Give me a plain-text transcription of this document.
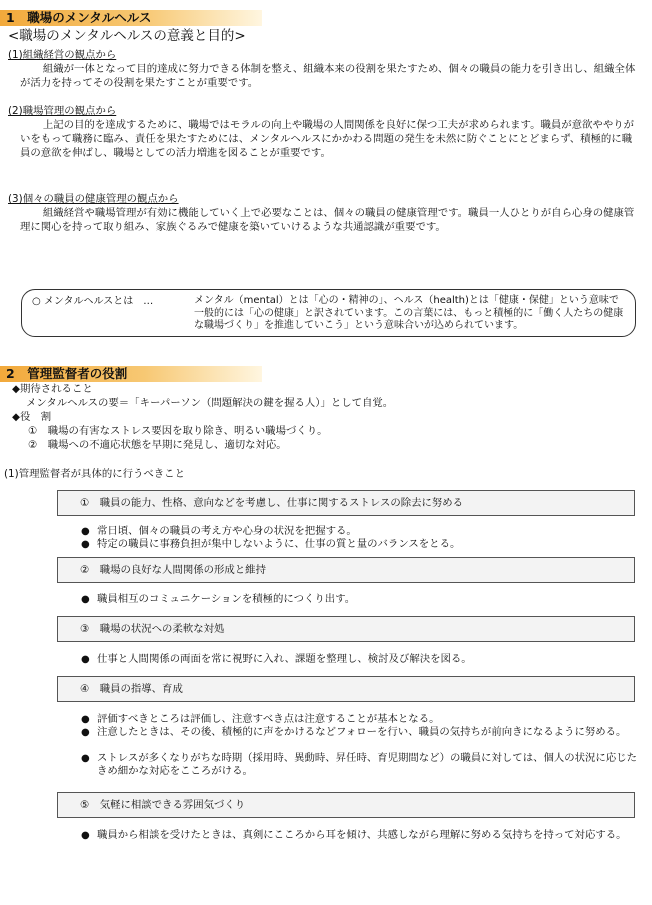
1　職場のメンタルヘルス
<職場のメンタルヘルスの意義と目的>
(1)組織経営の観点から
組織が一体となって目的達成に努力できる体制を整え、組織本来の役割を果たすため、個々の職員の能力を引き出し、組織全体が活力を持ってその役割を果たすことが重要です。
(2)職場管理の観点から
上記の目的を達成するために、職場ではモラルの向上や職場の人間関係を良好に保つ工夫が求められます。職員が意欲ややりがいをもって職務に臨み、責任を果たすためには、メンタルヘルスにかかわる問題の発生を未然に防ぐことにとどまらず、積極的に職員の意欲を伸ばし、職場としての活力増進を図ることが重要です。
(3)個々の職員の健康管理の観点から
組織経営や職場管理が有効に機能していく上で必要なことは、個々の職員の健康管理です。職員一人ひとりが自ら心身の健康管理に関心を持って取り組み、家族ぐるみで健康を築いていけるような共通認識が重要です。
○ メンタルヘルスとは　…	メンタル（mental）とは「心の・精神の」、ヘルス（health)とは「健康・保健」という意味で一般的には「心の健康」と訳されています。この言葉には、もっと積極的に「働く人たちの健康な職場づくり」を推進していこう」という意味合いが込められています。
2　管理監督者の役割
◆期待されること
メンタルヘルスの要＝「キーパーソン（問題解決の鍵を握る人）」として自覚。
◆役　割
①　職場の有害なストレス要因を取り除き、明るい職場づくり。
②　職場への不適応状態を早期に発見し、適切な対応。
(1)管理監督者が具体的に行うべきこと
①　職員の能力、性格、意向などを考慮し、仕事に関するストレスの除去に努める
● 常日頃、個々の職員の考え方や心身の状況を把握する。
● 特定の職員に事務負担が集中しないように、仕事の質と量のバランスをとる。
②　職場の良好な人間関係の形成と維持
● 職員相互のコミュニケーションを積極的につくり出す。
③　職場の状況への柔軟な対処
● 仕事と人間関係の両面を常に視野に入れ、課題を整理し、検討及び解決を図る。
④　職員の指導、育成
● 評価すべきところは評価し、注意すべき点は注意することが基本となる。
● 注意したときは、その後、積極的に声をかけるなどフォローを行い、職員の気持ちが前向きになるように努める。
● ストレスが多くなりがちな時期（採用時、異動時、昇任時、育児期間など）の職員に対しては、個人の状況に応じたきめ細かな対応をこころがける。
⑤　気軽に相談できる雰囲気づくり
● 職員から相談を受けたときは、真剣にこころから耳を傾け、共感しながら理解に努める気持ちを持って対応する。
